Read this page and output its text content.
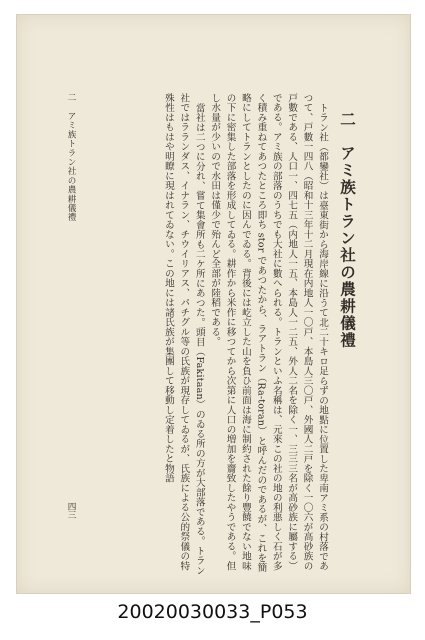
二　アミ族トラン社の農耕儀禮

トラン社（都鑾社）は臺東街から海岸線に沿うて北二十キロ足らずの地點に位置した卑南アミ系の村落であつて、戸數一四八（昭和十三年十二月現在内地人一〇戸、本島人三〇戸、外國人二戸を除く一〇六が高砂族の戸數である、人口一、四七五（内地人一五、本島人一二五、外人二名を除く一、三三三名が高砂族に屬する）である。アミ族の部落のうちでも大社に數へられる。トランといふ名稱は、元來この社の地の利悪しく石が多く積み重ねてあつたところ即ち stor であつたから、ラアトラン（Ra-toran）と呼んだのであるが、これを簡略にしてトランとしたのに因んでゐる。背後には屹立した山を負ひ前面は海に制約された餘り豐饒でない地味の下に密集した部落を形成してゐる。耕作から米作に移つてから次第に人口の増加を齎致したやうである。但し水量が少いので水田は僅少で殆んど全部が陸稻である。

當社は二つに分れ、嘗て集會所も二ケ所にあつた。頭目（Fakitaan）のゐる所の方が大部落である。トラン社ではラランダス、イナラン、チウイリアス、パチグル等の氏族が現存してゐるが、氏族による公的祭儀の特殊性はもはや明瞭に現はれてゐない。この地には諸氏族が集團して移動し定着したと物語

二　アミ族トラン社の農耕儀禮
四三
20020030033_P053
